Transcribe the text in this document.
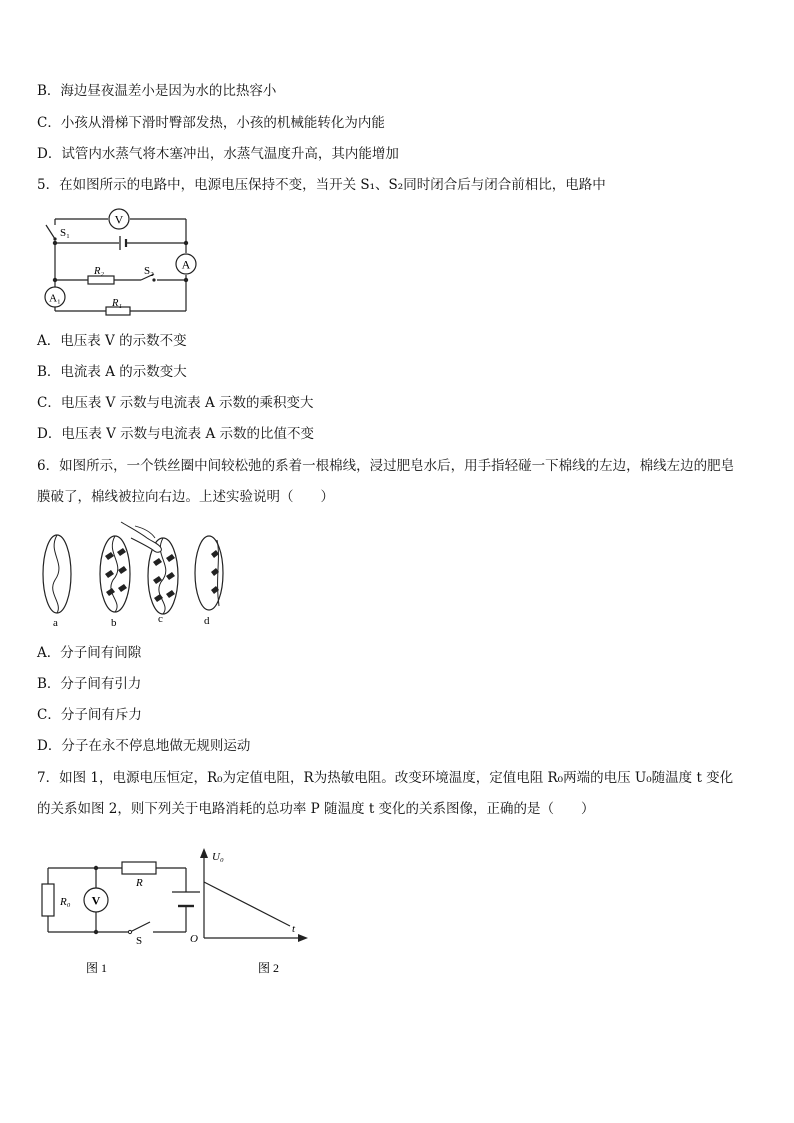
B．海边昼夜温差小是因为水的比热容小
C．小孩从滑梯下滑时臀部发热，小孩的机械能转化为内能
D．试管内水蒸气将木塞冲出，水蒸气温度升高，其内能增加
5．在如图所示的电路中，电源电压保持不变，当开关 S₁、S₂同时闭合后与闭合前相比，电路中
V
A
A₁
S₁
S₂
R₂
R₁
A．电压表 V 的示数不变
B．电流表 A 的示数变大
C．电压表 V 示数与电流表 A 示数的乘积变大
D．电压表 V 示数与电流表 A 示数的比值不变
6．如图所示，一个铁丝圈中间较松弛的系着一根棉线，浸过肥皂水后，用手指轻碰一下棉线的左边，棉线左边的肥皂
膜破了，棉线被拉向右边。上述实验说明（　　）
a	b	c	d
A．分子间有间隙
B．分子间有引力
C．分子间有斥力
D．分子在永不停息地做无规则运动
7．如图 1，电源电压恒定，R₀为定值电阻，R为热敏电阻。改变环境温度，定值电阻 R₀两端的电压 U₀随温度 t 变化
的关系如图 2，则下列关于电路消耗的总功率 P 随温度 t 变化的关系图像，正确的是（　　）
V
R₀
R
S
图 1
U₀
t
O
图 2
